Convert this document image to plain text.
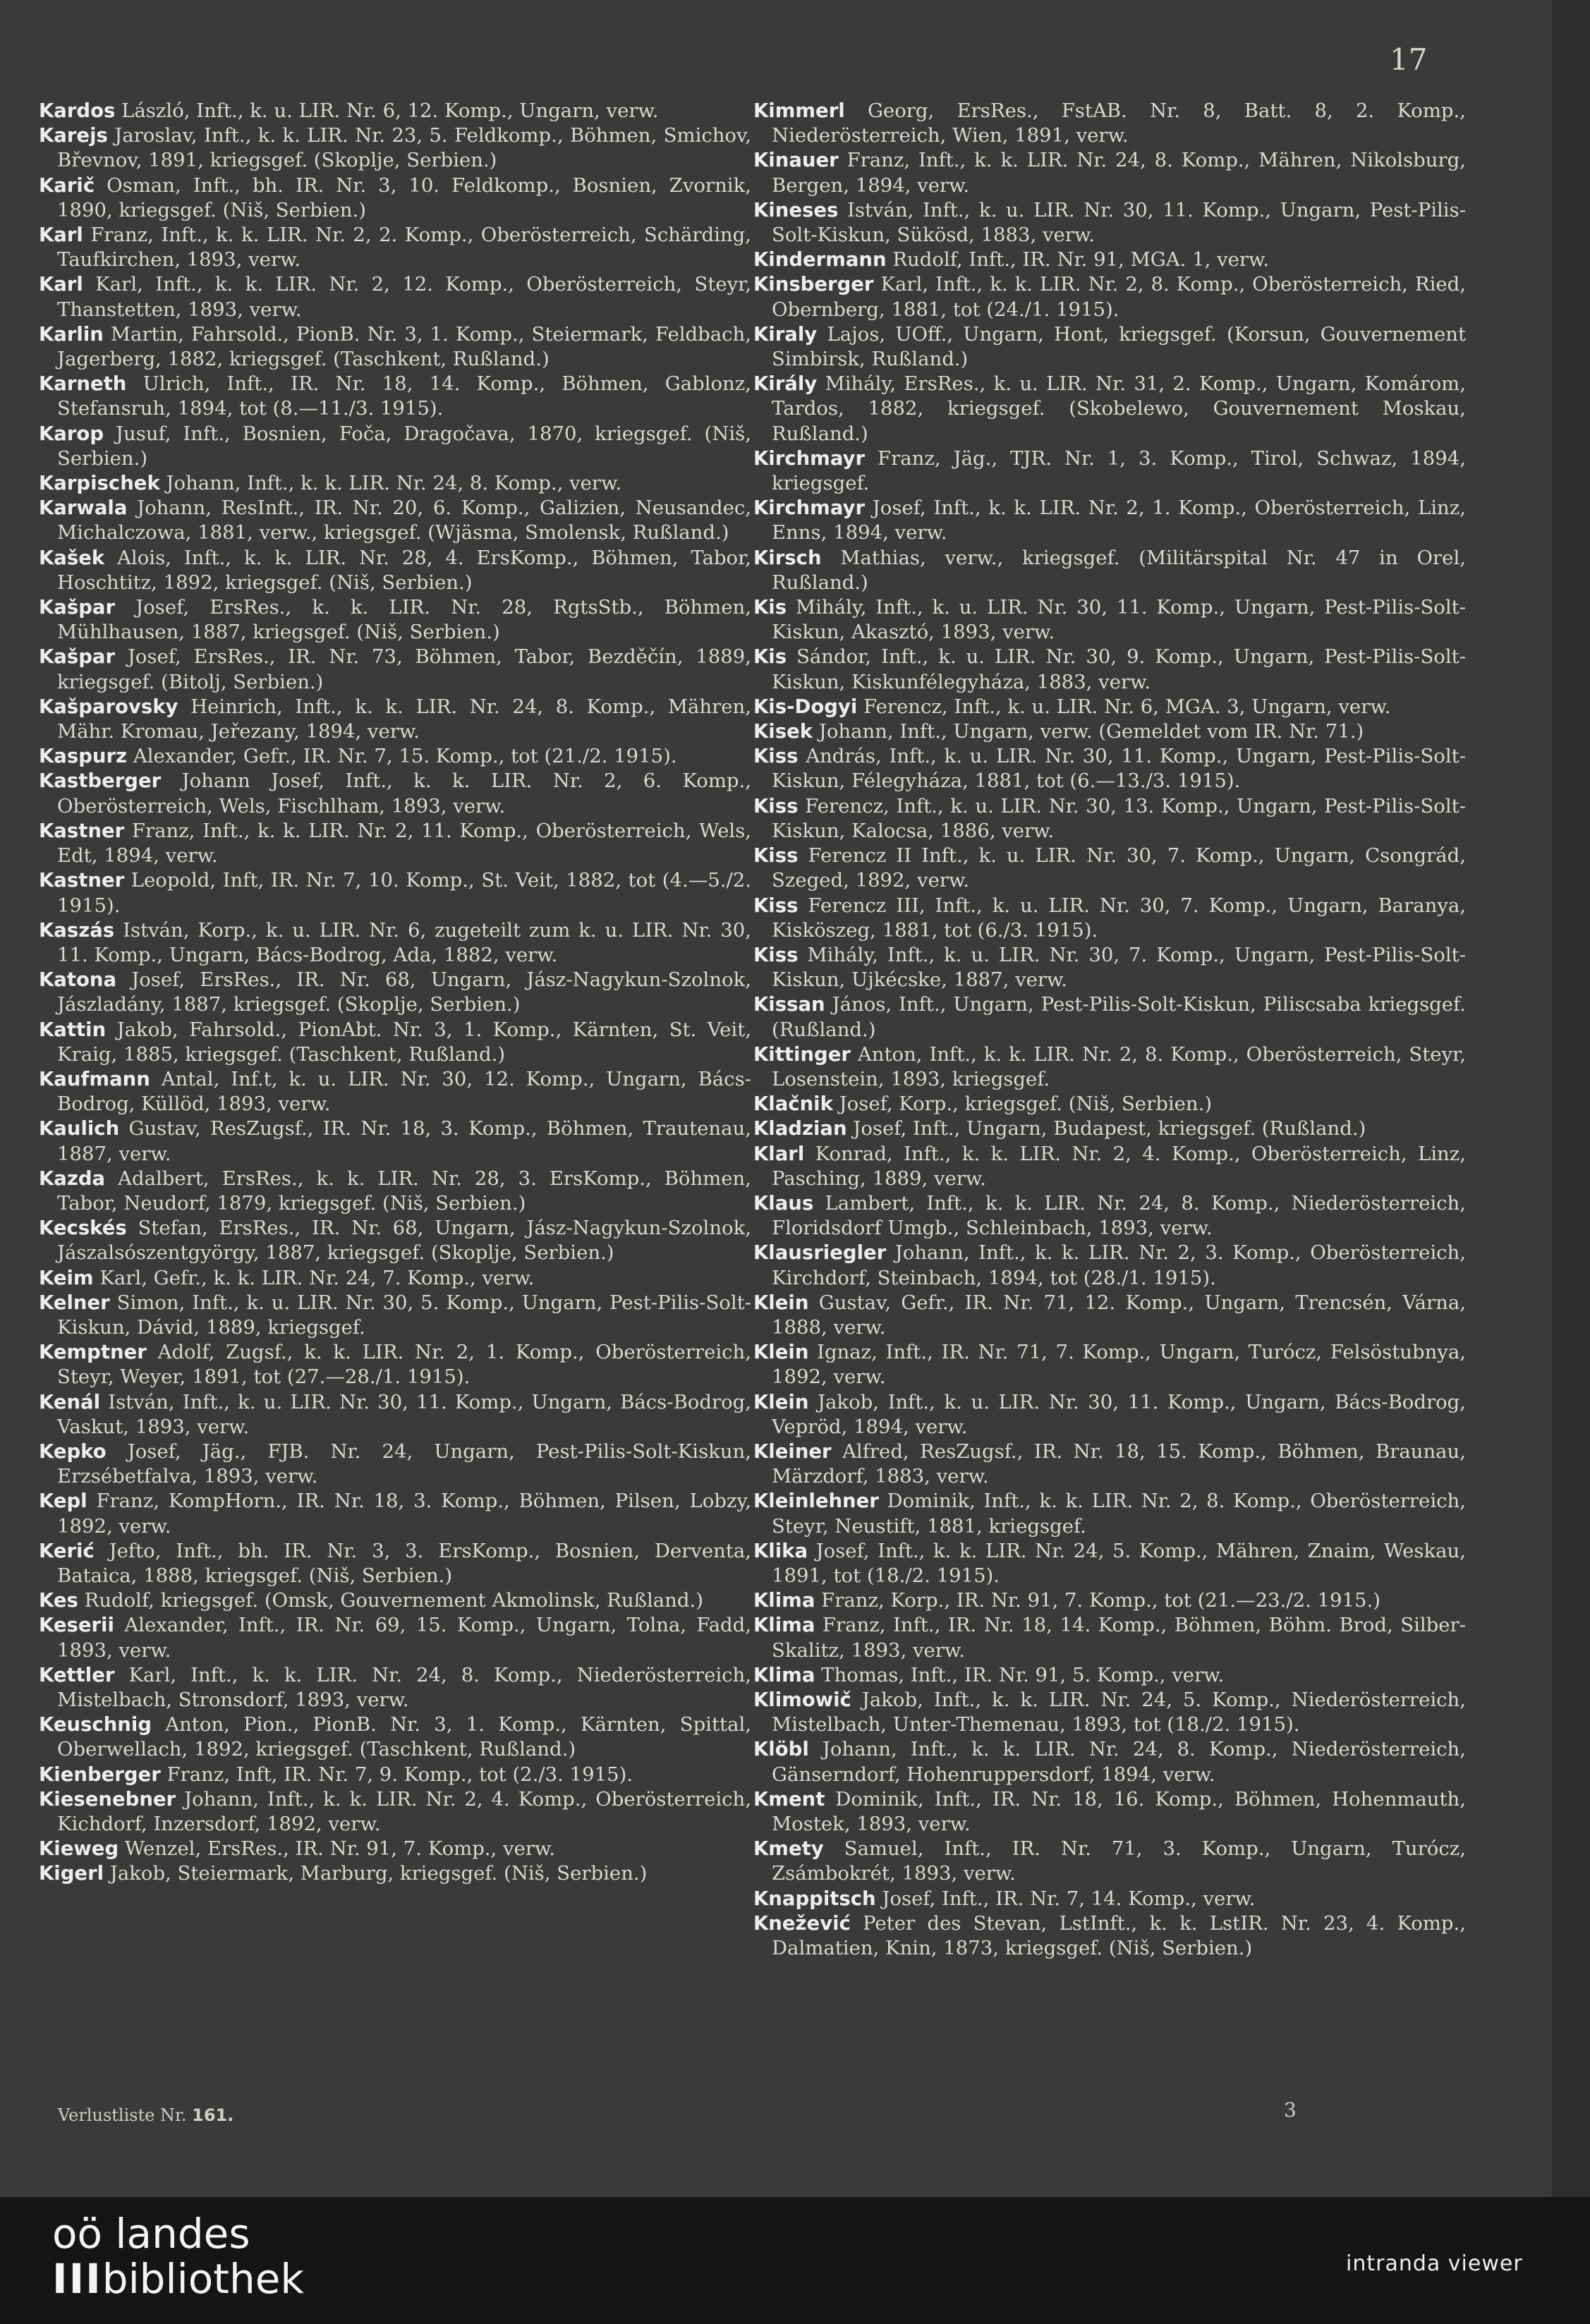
17

Kardos László, Inft., k. u. LIR. Nr. 6, 12. Komp., Ungarn, verw.

Karejs Jaroslav, Inft., k. k. LIR. Nr. 23, 5. Feldkomp., Böhmen, Smichov, Břevnov, 1891, kriegsgef. (Skoplje, Serbien.)

Karič Osman, Inft., bh. IR. Nr. 3, 10. Feldkomp., Bosnien, Zvornik, 1890, kriegsgef. (Niš, Serbien.)

Karl Franz, Inft., k. k. LIR. Nr. 2, 2. Komp., Oberösterreich, Schärding, Taufkirchen, 1893, verw.

Karl Karl, Inft., k. k. LIR. Nr. 2, 12. Komp., Oberösterreich, Steyr, Thanstetten, 1893, verw.

Karlin Martin, Fahrsold., PionB. Nr. 3, 1. Komp., Steiermark, Feldbach, Jagerberg, 1882, kriegsgef. (Taschkent, Rußland.)

Karneth Ulrich, Inft., IR. Nr. 18, 14. Komp., Böhmen, Gablonz, Stefansruh, 1894, tot (8.—11./3. 1915).

Karop Jusuf, Inft., Bosnien, Foča, Dragočava, 1870, kriegsgef. (Niš, Serbien.)

Karpischek Johann, Inft., k. k. LIR. Nr. 24, 8. Komp., verw.

Karwala Johann, ResInft., IR. Nr. 20, 6. Komp., Galizien, Neusandec, Michalczowa, 1881, verw., kriegsgef. (Wjäsma, Smolensk, Rußland.)

Kašek Alois, Inft., k. k. LIR. Nr. 28, 4. ErsKomp., Böhmen, Tabor, Hoschtitz, 1892, kriegsgef. (Niš, Serbien.)

Kašpar Josef, ErsRes., k. k. LIR. Nr. 28, RgtsStb., Böhmen, Mühlhausen, 1887, kriegsgef. (Niš, Serbien.)

Kašpar Josef, ErsRes., IR. Nr. 73, Böhmen, Tabor, Bezděčín, 1889, kriegsgef. (Bitolj, Serbien.)

Kašparovsky Heinrich, Inft., k. k. LIR. Nr. 24, 8. Komp., Mähren, Mähr. Kromau, Jeřezany, 1894, verw.

Kaspurz Alexander, Gefr., IR. Nr. 7, 15. Komp., tot (21./2. 1915).

Kastberger Johann Josef, Inft., k. k. LIR. Nr. 2, 6. Komp., Oberösterreich, Wels, Fischlham, 1893, verw.

Kastner Franz, Inft., k. k. LIR. Nr. 2, 11. Komp., Oberösterreich, Wels, Edt, 1894, verw.

Kastner Leopold, Inft, IR. Nr. 7, 10. Komp., St. Veit, 1882, tot (4.—5./2. 1915).

Kaszás István, Korp., k. u. LIR. Nr. 6, zugeteilt zum k. u. LIR. Nr. 30, 11. Komp., Ungarn, Bács-Bodrog, Ada, 1882, verw.

Katona Josef, ErsRes., IR. Nr. 68, Ungarn, Jász-Nagykun-Szolnok, Jászladány, 1887, kriegsgef. (Skoplje, Serbien.)

Kattin Jakob, Fahrsold., PionAbt. Nr. 3, 1. Komp., Kärnten, St. Veit, Kraig, 1885, kriegsgef. (Taschkent, Rußland.)

Kaufmann Antal, Inf.t, k. u. LIR. Nr. 30, 12. Komp., Ungarn, Bács-Bodrog, Küllöd, 1893, verw.

Kaulich Gustav, ResZugsf., IR. Nr. 18, 3. Komp., Böhmen, Trautenau, 1887, verw.

Kazda Adalbert, ErsRes., k. k. LIR. Nr. 28, 3. ErsKomp., Böhmen, Tabor, Neudorf, 1879, kriegsgef. (Niš, Serbien.)

Kecskés Stefan, ErsRes., IR. Nr. 68, Ungarn, Jász-Nagykun-Szolnok, Jászalsószentgyörgy, 1887, kriegsgef. (Skoplje, Serbien.)

Keim Karl, Gefr., k. k. LIR. Nr. 24, 7. Komp., verw.

Kelner Simon, Inft., k. u. LIR. Nr. 30, 5. Komp., Ungarn, Pest-Pilis-Solt-Kiskun, Dávid, 1889, kriegsgef.

Kemptner Adolf, Zugsf., k. k. LIR. Nr. 2, 1. Komp., Oberösterreich, Steyr, Weyer, 1891, tot (27.—28./1. 1915).

Kenál István, Inft., k. u. LIR. Nr. 30, 11. Komp., Ungarn, Bács-Bodrog, Vaskut, 1893, verw.

Kepko Josef, Jäg., FJB. Nr. 24, Ungarn, Pest-Pilis-Solt-Kiskun, Erzsébetfalva, 1893, verw.

Kepl Franz, KompHorn., IR. Nr. 18, 3. Komp., Böhmen, Pilsen, Lobzy, 1892, verw.

Kerić Jefto, Inft., bh. IR. Nr. 3, 3. ErsKomp., Bosnien, Derventa, Bataica, 1888, kriegsgef. (Niš, Serbien.)

Kes Rudolf, kriegsgef. (Omsk, Gouvernement Akmolinsk, Rußland.)

Keserii Alexander, Inft., IR. Nr. 69, 15. Komp., Ungarn, Tolna, Fadd, 1893, verw.

Kettler Karl, Inft., k. k. LIR. Nr. 24, 8. Komp., Niederösterreich, Mistelbach, Stronsdorf, 1893, verw.

Keuschnig Anton, Pion., PionB. Nr. 3, 1. Komp., Kärnten, Spittal, Oberwellach, 1892, kriegsgef. (Taschkent, Rußland.)

Kienberger Franz, Inft, IR. Nr. 7, 9. Komp., tot (2./3. 1915).

Kiesenebner Johann, Inft., k. k. LIR. Nr. 2, 4. Komp., Oberösterreich, Kichdorf, Inzersdorf, 1892, verw.

Kieweg Wenzel, ErsRes., IR. Nr. 91, 7. Komp., verw.

Kigerl Jakob, Steiermark, Marburg, kriegsgef. (Niš, Serbien.)

Kimmerl Georg, ErsRes., FstAB. Nr. 8, Batt. 8, 2. Komp., Niederösterreich, Wien, 1891, verw.

Kinauer Franz, Inft., k. k. LIR. Nr. 24, 8. Komp., Mähren, Nikolsburg, Bergen, 1894, verw.

Kineses István, Inft., k. u. LIR. Nr. 30, 11. Komp., Ungarn, Pest-Pilis-Solt-Kiskun, Sükösd, 1883, verw.

Kindermann Rudolf, Inft., IR. Nr. 91, MGA. 1, verw.

Kinsberger Karl, Inft., k. k. LIR. Nr. 2, 8. Komp., Oberösterreich, Ried, Obernberg, 1881, tot (24./1. 1915).

Kiraly Lajos, UOff., Ungarn, Hont, kriegsgef. (Korsun, Gouvernement Simbirsk, Rußland.)

Király Mihály, ErsRes., k. u. LIR. Nr. 31, 2. Komp., Ungarn, Komárom, Tardos, 1882, kriegsgef. (Skobelewo, Gouvernement Moskau, Rußland.)

Kirchmayr Franz, Jäg., TJR. Nr. 1, 3. Komp., Tirol, Schwaz, 1894, kriegsgef.

Kirchmayr Josef, Inft., k. k. LIR. Nr. 2, 1. Komp., Oberösterreich, Linz, Enns, 1894, verw.

Kirsch Mathias, verw., kriegsgef. (Militärspital Nr. 47 in Orel, Rußland.)

Kis Mihály, Inft., k. u. LIR. Nr. 30, 11. Komp., Ungarn, Pest-Pilis-Solt-Kiskun, Akasztó, 1893, verw.

Kis Sándor, Inft., k. u. LIR. Nr. 30, 9. Komp., Ungarn, Pest-Pilis-Solt-Kiskun, Kiskunfélegyháza, 1883, verw.

Kis-Dogyi Ferencz, Inft., k. u. LIR. Nr. 6, MGA. 3, Ungarn, verw.

Kisek Johann, Inft., Ungarn, verw. (Gemeldet vom IR. Nr. 71.)

Kiss András, Inft., k. u. LIR. Nr. 30, 11. Komp., Ungarn, Pest-Pilis-Solt-Kiskun, Félegyháza, 1881, tot (6.—13./3. 1915).

Kiss Ferencz, Inft., k. u. LIR. Nr. 30, 13. Komp., Ungarn, Pest-Pilis-Solt-Kiskun, Kalocsa, 1886, verw.

Kiss Ferencz II Inft., k. u. LIR. Nr. 30, 7. Komp., Ungarn, Csongrád, Szeged, 1892, verw.

Kiss Ferencz III, Inft., k. u. LIR. Nr. 30, 7. Komp., Ungarn, Baranya, Kisköszeg, 1881, tot (6./3. 1915).

Kiss Mihály, Inft., k. u. LIR. Nr. 30, 7. Komp., Ungarn, Pest-Pilis-Solt-Kiskun, Ujkécske, 1887, verw.

Kissan János, Inft., Ungarn, Pest-Pilis-Solt-Kiskun, Piliscsaba kriegsgef. (Rußland.)

Kittinger Anton, Inft., k. k. LIR. Nr. 2, 8. Komp., Oberösterreich, Steyr, Losenstein, 1893, kriegsgef.

Klačnik Josef, Korp., kriegsgef. (Niš, Serbien.)

Kladzian Josef, Inft., Ungarn, Budapest, kriegsgef. (Rußland.)

Klarl Konrad, Inft., k. k. LIR. Nr. 2, 4. Komp., Oberösterreich, Linz, Pasching, 1889, verw.

Klaus Lambert, Inft., k. k. LIR. Nr. 24, 8. Komp., Niederösterreich, Floridsdorf Umgb., Schleinbach, 1893, verw.

Klausriegler Johann, Inft., k. k. LIR. Nr. 2, 3. Komp., Oberösterreich, Kirchdorf, Steinbach, 1894, tot (28./1. 1915).

Klein Gustav, Gefr., IR. Nr. 71, 12. Komp., Ungarn, Trencsén, Várna, 1888, verw.

Klein Ignaz, Inft., IR. Nr. 71, 7. Komp., Ungarn, Turócz, Felsöstubnya, 1892, verw.

Klein Jakob, Inft., k. u. LIR. Nr. 30, 11. Komp., Ungarn, Bács-Bodrog, Vepröd, 1894, verw.

Kleiner Alfred, ResZugsf., IR. Nr. 18, 15. Komp., Böhmen, Braunau, Märzdorf, 1883, verw.

Kleinlehner Dominik, Inft., k. k. LIR. Nr. 2, 8. Komp., Oberösterreich, Steyr, Neustift, 1881, kriegsgef.

Klika Josef, Inft., k. k. LIR. Nr. 24, 5. Komp., Mähren, Znaim, Weskau, 1891, tot (18./2. 1915).

Klima Franz, Korp., IR. Nr. 91, 7. Komp., tot (21.—23./2. 1915.)

Klima Franz, Inft., IR. Nr. 18, 14. Komp., Böhmen, Böhm. Brod, Silber-Skalitz, 1893, verw.

Klima Thomas, Inft., IR. Nr. 91, 5. Komp., verw.

Klimowič Jakob, Inft., k. k. LIR. Nr. 24, 5. Komp., Niederösterreich, Mistelbach, Unter-Themenau, 1893, tot (18./2. 1915).

Klöbl Johann, Inft., k. k. LIR. Nr. 24, 8. Komp., Niederösterreich, Gänserndorf, Hohenruppersdorf, 1894, verw.

Kment Dominik, Inft., IR. Nr. 18, 16. Komp., Böhmen, Hohenmauth, Mostek, 1893, verw.

Kmety Samuel, Inft., IR. Nr. 71, 3. Komp., Ungarn, Turócz, Zsámbokrét, 1893, verw.

Knappitsch Josef, Inft., IR. Nr. 7, 14. Komp., verw.

Knežević Peter des Stevan, LstInft., k. k. LstIR. Nr. 23, 4. Komp., Dalmatien, Knin, 1873, kriegsgef. (Niš, Serbien.)

Verlustliste Nr. 161.	3
oö landes
IIIbibliothek	intranda viewer
